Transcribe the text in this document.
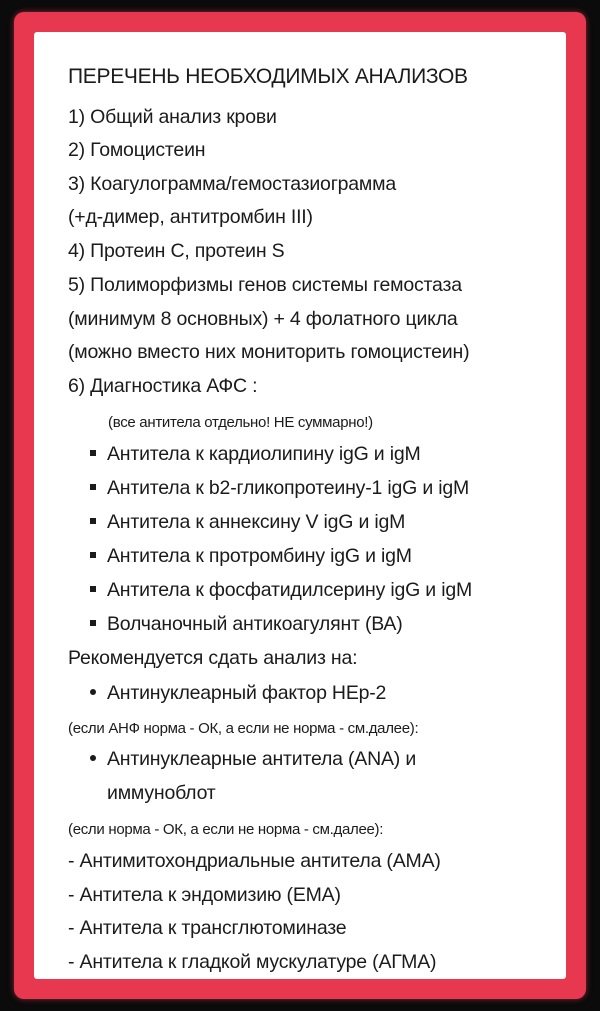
ПЕРЕЧЕНЬ НЕОБХОДИМЫХ АНАЛИЗОВ
1) Общий анализ крови
2) Гомоцистеин
3) Коагулограмма/гемостазиограмма
(+д-димер, антитромбин III)
4) Протеин С, протеин S
5) Полиморфизмы генов системы гемостаза
(минимум 8 основных) + 4 фолатного цикла
(можно вместо них мониторить гомоцистеин)
6) Диагностика АФС :
(все антитела отдельно! НЕ суммарно!)
Антитела к кардиолипину igG и igM
Антитела к b2-гликопротеину-1 igG и igM
Антитела к аннексину V igG и igM
Антитела к протромбину igG и igM
Антитела к фосфатидилсерину igG и igM
Волчаночный антикоагулянт (ВА)
Рекомендуется сдать анализ на:
Антинуклеарный фактор НЕр-2
(если АНФ норма - ОК, а если не норма - см.далее):
Антинуклеарные антитела (ANA) и
иммуноблот
(если норма - ОК, а если не норма - см.далее):
- Антимитохондриальные антитела (АМА)
- Антитела к эндомизию (ЕМА)
- Антитела к трансглютоминазе
- Антитела к гладкой мускулатуре (АГМА)
